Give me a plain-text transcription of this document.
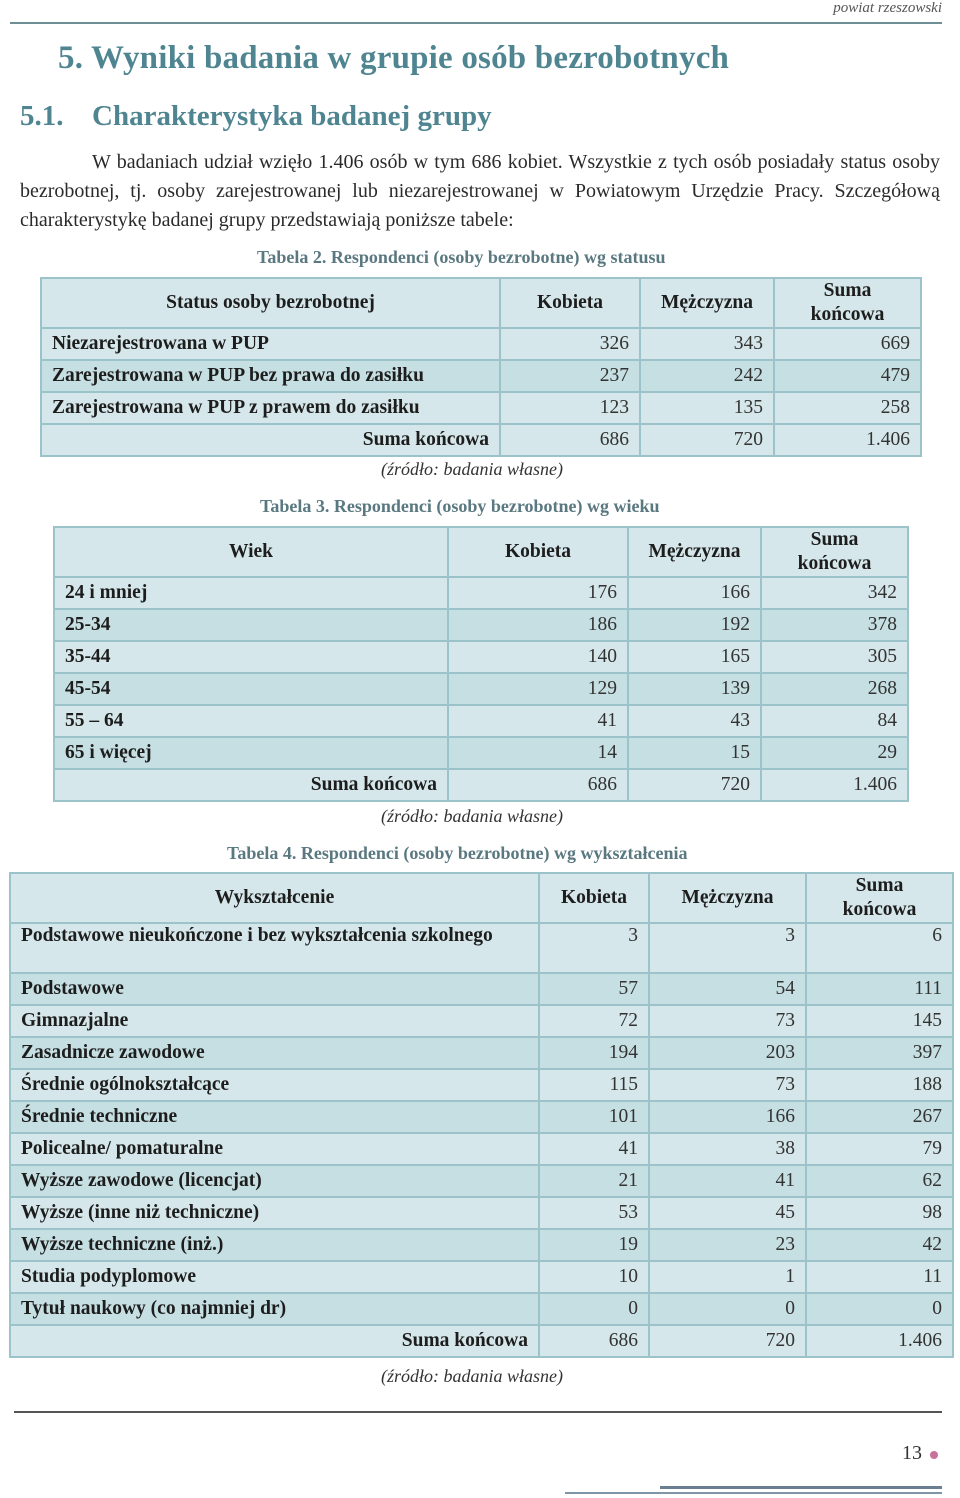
powiat rzeszowski
5. Wyniki badania w grupie osób bezrobotnych
5.1. Charakterystyka badanej grupy

W badaniach udział wzięło 1.406 osób w tym 686 kobiet. Wszystkie z tych osób posiadały status osoby bezrobotnej, tj. osoby zarejestrowanej lub niezarejestrowanej w Powiatowym Urzędzie Pracy. Szczegółową charakterystykę badanej grupy przedstawiają poniższe tabele:

Tabela 2. Respondenci (osoby bezrobotne) wg statusu
Status osoby bezrobotnej	Kobieta	Mężczyzna	Suma końcowa
Niezarejestrowana w PUP	326	343	669
Zarejestrowana w PUP bez prawa do zasiłku	237	242	479
Zarejestrowana w PUP z prawem do zasiłku	123	135	258
Suma końcowa	686	720	1.406
(źródło: badania własne)
Tabela 3. Respondenci (osoby bezrobotne) wg wieku
Wiek	Kobieta	Mężczyzna	Suma końcowa
24 i mniej	176	166	342
25-34	186	192	378
35-44	140	165	305
45-54	129	139	268
55 – 64	41	43	84
65 i więcej	14	15	29
Suma końcowa	686	720	1.406
(źródło: badania własne)
Tabela 4. Respondenci (osoby bezrobotne) wg wykształcenia
Wykształcenie	Kobieta	Mężczyzna	Suma końcowa
Podstawowe nieukończone i bez wykształcenia szkolnego	3	3	6
Podstawowe	57	54	111
Gimnazjalne	72	73	145
Zasadnicze zawodowe	194	203	397
Średnie ogólnokształcące	115	73	188
Średnie techniczne	101	166	267
Policealne/ pomaturalne	41	38	79
Wyższe zawodowe (licencjat)	21	41	62
Wyższe (inne niż techniczne)	53	45	98
Wyższe techniczne (inż.)	19	23	42
Studia podyplomowe	10	1	11
Tytuł naukowy (co najmniej dr)	0	0	0
Suma końcowa	686	720	1.406
(źródło: badania własne)
13
